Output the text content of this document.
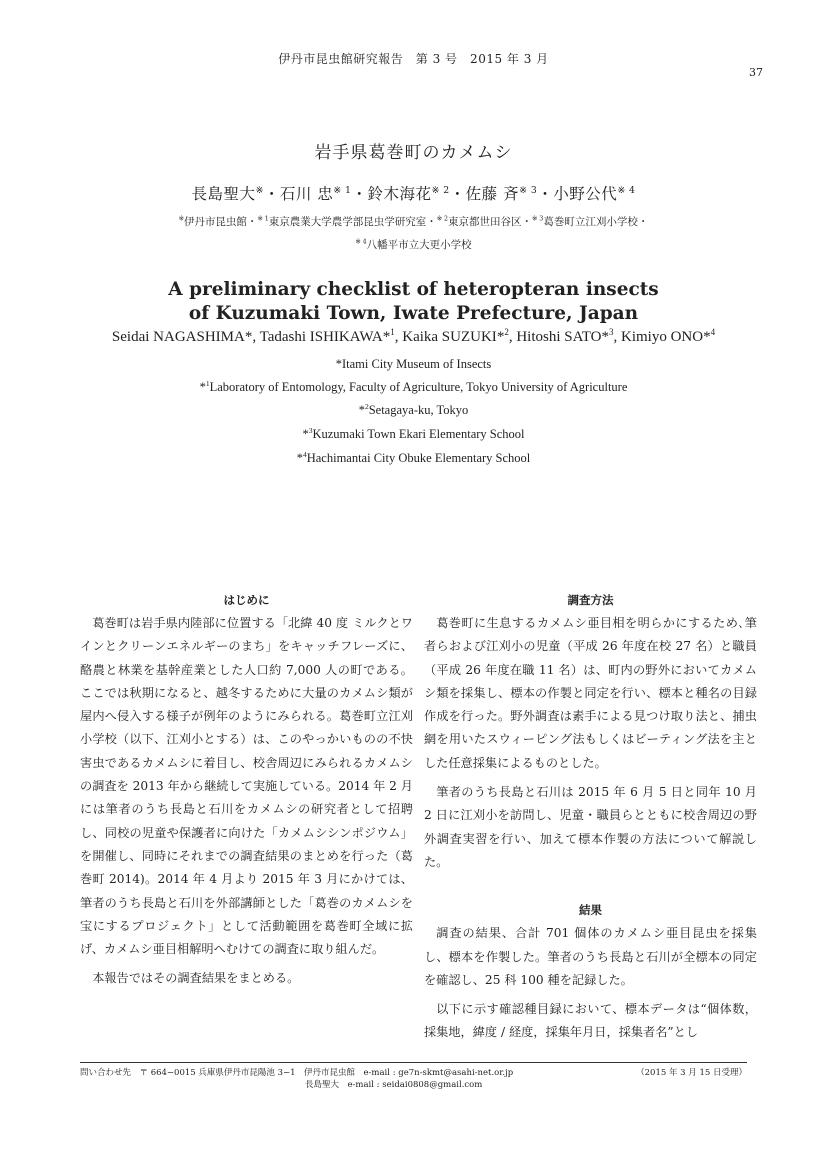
伊丹市昆虫館研究報告　第 3 号　2015 年 3 月
37
岩手県葛巻町のカメムシ
長島聖大※・石川 忠$^{※ 1}$・鈴木海花$^{※ 2}$・佐藤 斉$^{※ 3}$・小野公代$^{※ 4}$
※伊丹市昆虫館・$^{※ 1}$東京農業大学農学部昆虫学研究室・$^{※ 2}$東京都世田谷区・$^{※ 3}$葛巻町立江刈小学校・
$^{※ 4}$八幡平市立大更小学校
A preliminary checklist of heteropteran insects
of Kuzumaki Town, Iwate Prefecture, Japan
Seidai NAGASHIMA*, Tadashi ISHIKAWA*$^1$, Kaika SUZUKI*$^2$, Hitoshi SATO*$^3$, Kimiyo ONO*$^4$
*Itami City Museum of Insects
*$^1$Laboratory of Entomology, Faculty of Agriculture, Tokyo University of Agriculture
*$^2$Setagaya-ku, Tokyo
*$^3$Kuzumaki Town Ekari Elementary School
*$^4$Hachimantai City Obuke Elementary School
はじめに

葛巻町は岩手県内陸部に位置する「北緯 40 度 ミルクとワインとクリーンエネルギーのまち」をキャッチフレーズに、酪農と林業を基幹産業とした人口約 7,000 人の町である。ここでは秋期になると、越冬するために大量のカメムシ類が屋内へ侵入する様子が例年のようにみられる。葛巻町立江刈小学校（以下、江刈小とする）は、このやっかいものの不快害虫であるカメムシに着目し、校舎周辺にみられるカメムシの調査を 2013 年から継続して実施している。2014 年 2 月には筆者のうち長島と石川をカメムシの研究者として招聘し、同校の児童や保護者に向けた「カメムシシンポジウム」を開催し、同時にそれまでの調査結果のまとめを行った（葛巻町 2014)。2014 年 4 月より 2015 年 3 月にかけては、筆者のうち長島と石川を外部講師とした「葛巻のカメムシを宝にするプロジェクト」として活動範囲を葛巻町全域に拡げ、カメムシ亜目相解明へむけての調査に取り組んだ。

本報告ではその調査結果をまとめる。

調査方法

葛巻町に生息するカメムシ亜目相を明らかにするため､筆者らおよび江刈小の児童（平成 26 年度在校 27 名）と職員（平成 26 年度在職 11 名）は、町内の野外においてカメムシ類を採集し、標本の作製と同定を行い、標本と種名の目録作成を行った。野外調査は素手による見つけ取り法と、捕虫網を用いたスウィーピング法もしくはビーティング法を主とした任意採集によるものとした。

筆者のうち長島と石川は 2015 年 6 月 5 日と同年 10 月 2 日に江刈小を訪問し、児童・職員らとともに校舎周辺の野外調査実習を行い、加えて標本作製の方法について解説した。

結果

調査の結果、合計 701 個体のカメムシ亜目昆虫を採集し、標本を作製した。筆者のうち長島と石川が全標本の同定を確認し、25 科 100 種を記録した。

以下に示す確認種目録において、標本データは“個体数，採集地，緯度 / 経度，採集年月日，採集者名”とし

問い合わせ先　〒 664−0015 兵庫県伊丹市昆陽池 3−1　伊丹市昆虫館　e-mail : ge7n-skmt@asahi-net.or.jp
長島聖大　e-mail : seidai0808@gmail.com
（2015 年 3 月 15 日受理）
